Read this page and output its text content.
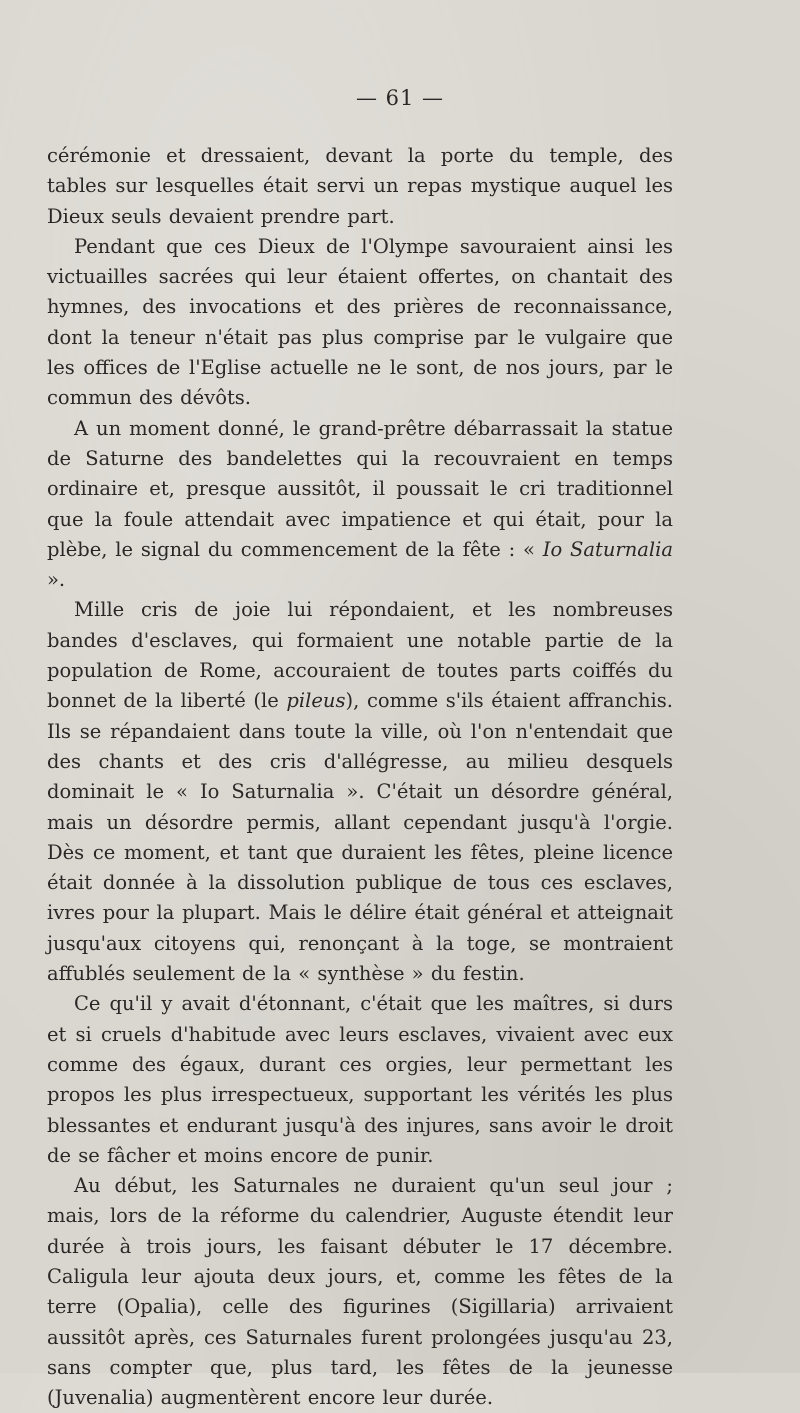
— 61 —

cérémonie et dressaient, devant la porte du temple, des tables sur lesquelles était servi un repas mystique auquel les Dieux seuls devaient prendre part.

Pendant que ces Dieux de l'Olympe savouraient ainsi les victuailles sacrées qui leur étaient offertes, on chantait des hymnes, des invocations et des prières de reconnaissance, dont la teneur n'était pas plus comprise par le vulgaire que les offices de l'Eglise actuelle ne le sont, de nos jours, par le commun des dévôts.

A un moment donné, le grand-prêtre débarrassait la statue de Saturne des bandelettes qui la recouvraient en temps ordinaire et, presque aussitôt, il poussait le cri traditionnel que la foule attendait avec impatience et qui était, pour la plèbe, le signal du commencement de la fête : « Io Saturnalia ».

Mille cris de joie lui répondaient, et les nombreuses bandes d'esclaves, qui formaient une notable partie de la population de Rome, accouraient de toutes parts coiffés du bonnet de la liberté (le pileus), comme s'ils étaient affranchis. Ils se répandaient dans toute la ville, où l'on n'entendait que des chants et des cris d'allégresse, au milieu desquels dominait le « Io Saturnalia ». C'était un désordre général, mais un désordre permis, allant cependant jusqu'à l'orgie. Dès ce moment, et tant que duraient les fêtes, pleine licence était donnée à la dissolution publique de tous ces esclaves, ivres pour la plupart. Mais le délire était général et atteignait jusqu'aux citoyens qui, renonçant à la toge, se montraient affublés seulement de la « synthèse » du festin.

Ce qu'il y avait d'étonnant, c'était que les maîtres, si durs et si cruels d'habitude avec leurs esclaves, vivaient avec eux comme des égaux, durant ces orgies, leur permettant les propos les plus irrespectueux, supportant les vérités les plus blessantes et endurant jusqu'à des injures, sans avoir le droit de se fâcher et moins encore de punir.

Au début, les Saturnales ne duraient qu'un seul jour ; mais, lors de la réforme du calendrier, Auguste étendit leur durée à trois jours, les faisant débuter le 17 décembre. Caligula leur ajouta deux jours, et, comme les fêtes de la terre (Opalia), celle des figurines (Sigillaria) arrivaient aussitôt après, ces Saturnales furent prolongées jusqu'au 23, sans compter que, plus tard, les fêtes de la jeunesse (Juvenalia) augmentèrent encore leur durée.
